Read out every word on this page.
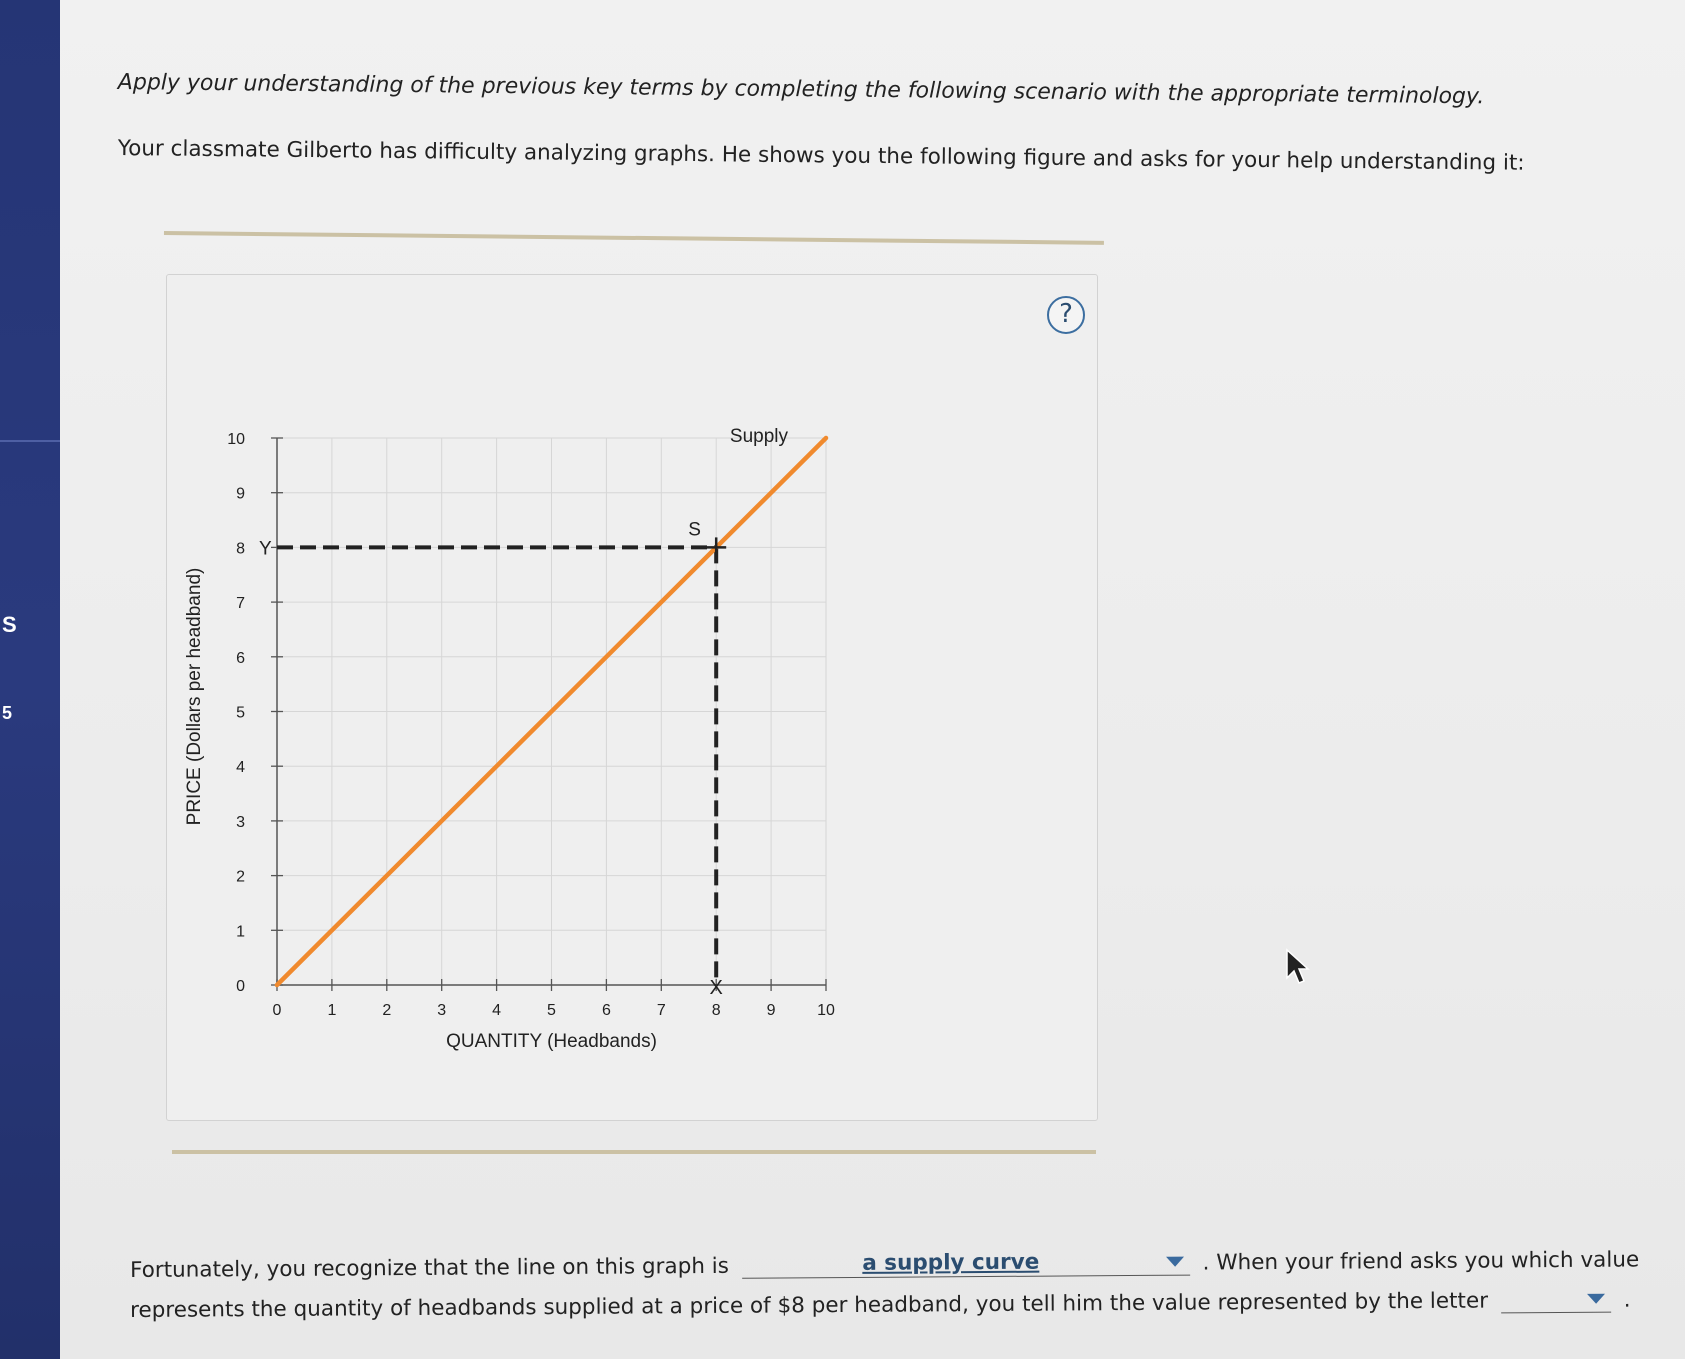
S
5
Apply your understanding of the previous key terms by completing the following scenario with the appropriate terminology.
Your classmate Gilberto has difficulty analyzing graphs. He shows you the following figure and asks for your help understanding it:
?
0	1	2	3	4	5	6	7	8	9	10
0
1
2
3
4
5
6
7
8
9
10
QUANTITY (Headbands)
PRICE (Dollars per headband)
Supply
S
X
Y
Fortunately, you recognize that the line on this graph is	a supply curve	. When your friend asks you which value
represents the quantity of headbands supplied at a price of $8 per headband, you tell him the value represented by the letter	.
